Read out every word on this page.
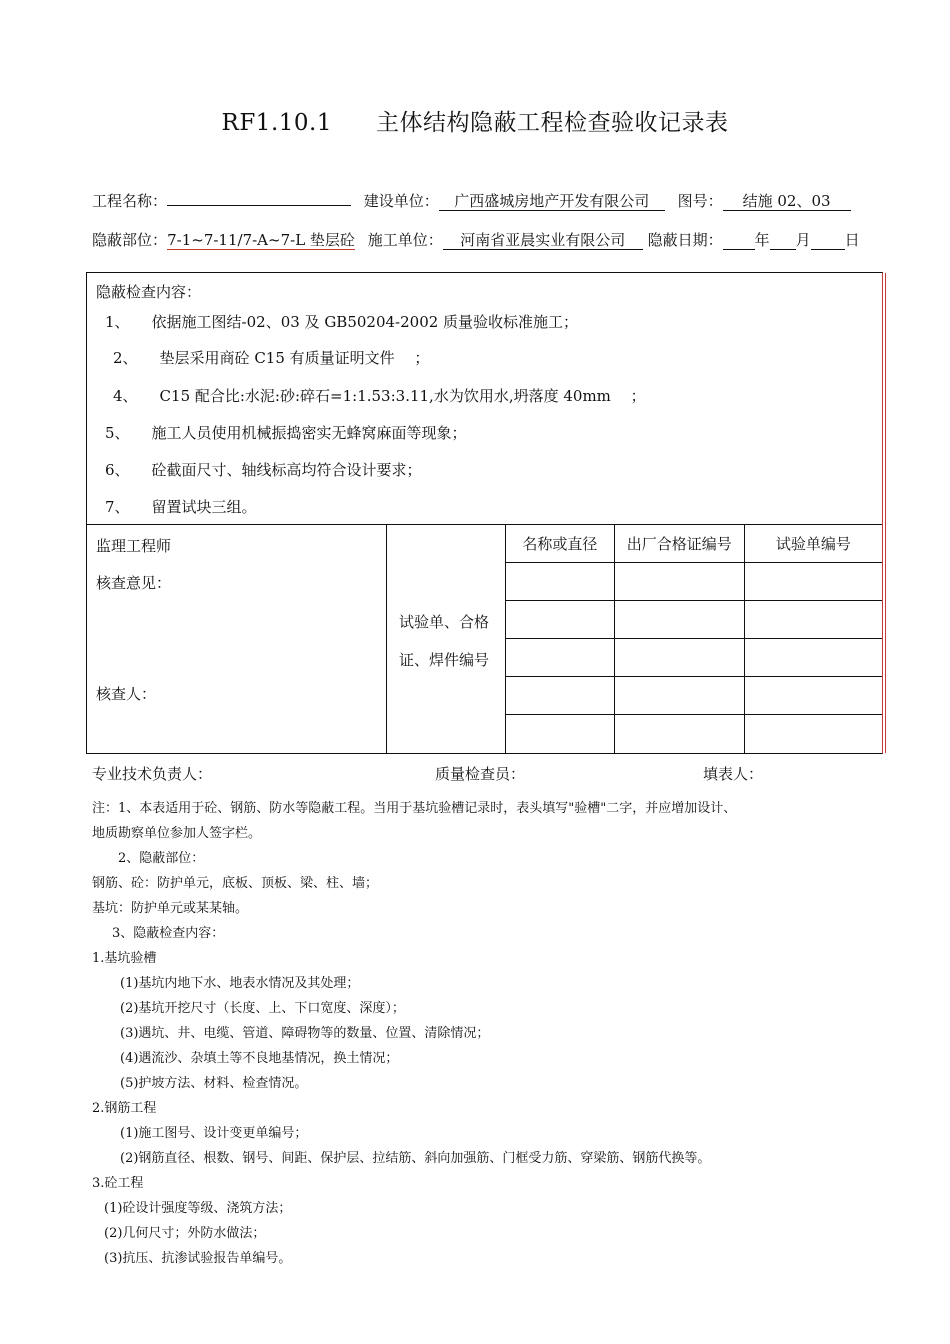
RF1.10.1 主体结构隐蔽工程检查验收记录表
工程名称：	建设单位： 广西盛城房地产开发有限公司 图号： 结施 02、03
隐蔽部位：7-1~7-11/7-A~7-L 垫层砼 施工单位： 河南省亚晨实业有限公司 隐蔽日期： 年 月 日
隐蔽检查内容：
1、 依据施工图结-02、03 及 GB50204-2002 质量验收标准施工；
2、 垫层采用商砼 C15 有质量证明文件 　；
4、 C15 配合比:水泥:砂:碎石=1:1.53:3.11,水为饮用水,坍落度 40mm　 ；
5、 施工人员使用机械振捣密实无蜂窝麻面等现象；
6、 砼截面尺寸、轴线标高均符合设计要求；
7、 留置试块三组。
监理工程师
核查意见：
核查人：
试验单、合格
证、焊件编号
名称或直径	出厂合格证编号	试验单编号

专业技术负责人：	质量检查员：	填表人：
注：1、本表适用于砼、钢筋、防水等隐蔽工程。当用于基坑验槽记录时，表头填写"验槽"二字，并应增加设计、
地质勘察单位参加人签字栏。
2、隐蔽部位：
钢筋、砼：防护单元，底板、顶板、梁、柱、墙；
基坑：防护单元或某某轴。
3、隐蔽检查内容：
1.基坑验槽
(1)基坑内地下水、地表水情况及其处理；
(2)基坑开挖尺寸（长度、上、下口宽度、深度）；
(3)遇坑、井、电缆、管道、障碍物等的数量、位置、清除情况；
(4)遇流沙、杂填土等不良地基情况，换土情况；
(5)护坡方法、材料、检查情况。
2.钢筋工程
(1)施工图号、设计变更单编号；
(2)钢筋直径、根数、钢号、间距、保护层、拉结筋、斜向加强筋、门框受力筋、穿梁筋、钢筋代换等。
3.砼工程
(1)砼设计强度等级、浇筑方法；
(2)几何尺寸；外防水做法；
(3)抗压、抗渗试验报告单编号。
